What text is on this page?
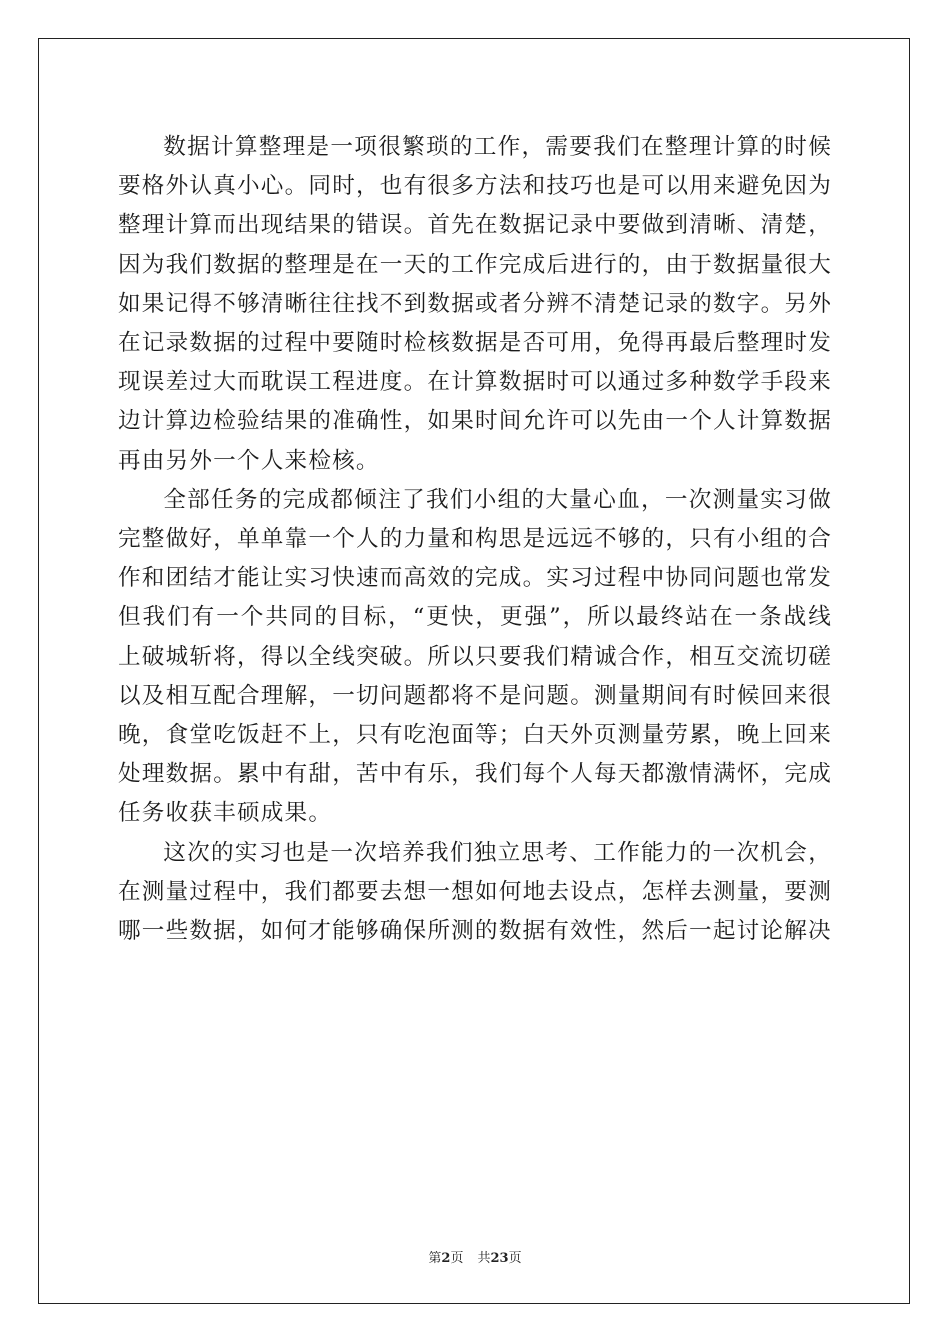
数据计算整理是一项很繁琐的工作，需要我们在整理计算的时候要格外认真小心。同时，也有很多方法和技巧也是可以用来避免因为整理计算而出现结果的错误。首先在数据记录中要做到清晰、清楚，因为我们数据的整理是在一天的工作完成后进行的，由于数据量很大如果记得不够清晰往往找不到数据或者分辨不清楚记录的数字。另外在记录数据的过程中要随时检核数据是否可用，免得再最后整理时发现误差过大而耽误工程进度。在计算数据时可以通过多种数学手段来边计算边检验结果的准确性，如果时间允许可以先由一个人计算数据再由另外一个人来检核。

全部任务的完成都倾注了我们小组的大量心血，一次测量实习做完整做好，单单靠一个人的力量和构思是远远不够的，只有小组的合作和团结才能让实习快速而高效的完成。实习过程中协同问题也常发但我们有一个共同的目标，“更快，更强”，所以最终站在一条战线上破城斩将，得以全线突破。所以只要我们精诚合作，相互交流切磋以及相互配合理解，一切问题都将不是问题。测量期间有时候回来很晚，食堂吃饭赶不上，只有吃泡面等；白天外页测量劳累，晚上回来处理数据。累中有甜，苦中有乐，我们每个人每天都激情满怀，完成任务收获丰硕成果。

这次的实习也是一次培养我们独立思考、工作能力的一次机会，在测量过程中，我们都要去想一想如何地去设点，怎样去测量，要测哪一些数据，如何才能够确保所测的数据有效性，然后一起讨论解决

第2页 共23页
